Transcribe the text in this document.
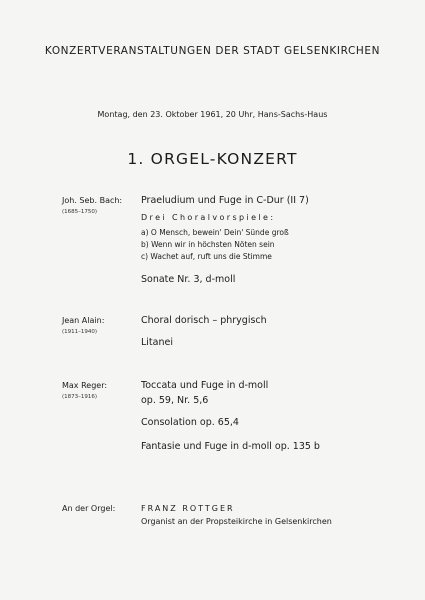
KONZERTVERANSTALTUNGEN DER STADT GELSENKIRCHEN
Montag, den 23. Oktober 1961, 20 Uhr, Hans-Sachs-Haus
1. ORGEL-KONZERT
Joh. Seb. Bach:
(1685–1750)
Praeludium und Fuge in C-Dur (II 7)
Drei Choralvorspiele:
a) O Mensch, bewein' Dein' Sünde groß
b) Wenn wir in höchsten Nöten sein
c) Wachet auf, ruft uns die Stimme
Sonate Nr. 3, d-moll
Jean Alain:
(1911–1940)
Choral dorisch – phrygisch
Litanei
Max Reger:
(1873–1916)
Toccata und Fuge in d-moll
op. 59, Nr. 5,6
Consolation op. 65,4
Fantasie und Fuge in d-moll op. 135 b
An der Orgel:	FRANZ ROTTGER
Organist an der Propsteikirche in Gelsenkirchen
